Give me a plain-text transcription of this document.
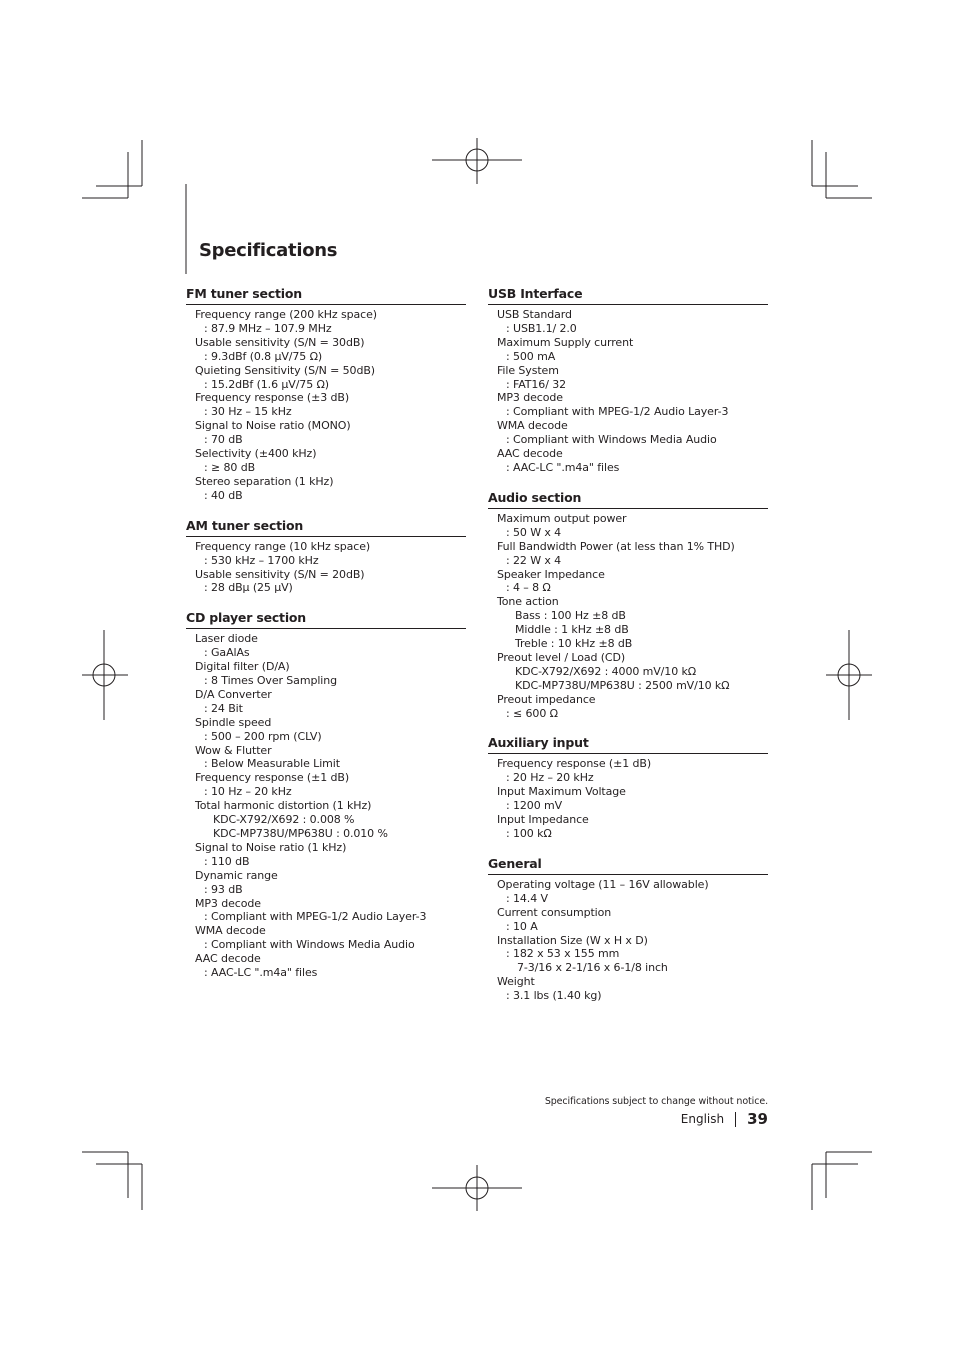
Specifications
FM tuner section
Frequency range (200 kHz space)
: 87.9 MHz – 107.9 MHz
Usable sensitivity (S/N = 30dB)
: 9.3dBf (0.8 μV/75 Ω)
Quieting Sensitivity (S/N = 50dB)
: 15.2dBf (1.6 μV/75 Ω)
Frequency response (±3 dB)
: 30 Hz – 15 kHz
Signal to Noise ratio (MONO)
: 70 dB
Selectivity (±400 kHz)
: ≥ 80 dB
Stereo separation (1 kHz)
: 40 dB
AM tuner section
Frequency range (10 kHz space)
: 530 kHz – 1700 kHz
Usable sensitivity (S/N = 20dB)
: 28 dBμ (25 μV)
CD player section
Laser diode
: GaAlAs
Digital filter (D/A)
: 8 Times Over Sampling
D/A Converter
: 24 Bit
Spindle speed
: 500 – 200 rpm (CLV)
Wow & Flutter
: Below Measurable Limit
Frequency response (±1 dB)
: 10 Hz – 20 kHz
Total harmonic distortion (1 kHz)
KDC-X792/X692 : 0.008 %
KDC-MP738U/MP638U : 0.010 %
Signal to Noise ratio (1 kHz)
: 110 dB
Dynamic range
: 93 dB
MP3 decode
: Compliant with MPEG-1/2 Audio Layer-3
WMA decode
: Compliant with Windows Media Audio
AAC decode
: AAC-LC ".m4a" files
USB Interface
USB Standard
: USB1.1/ 2.0
Maximum Supply current
: 500 mA
File System
: FAT16/ 32
MP3 decode
: Compliant with MPEG-1/2 Audio Layer-3
WMA decode
: Compliant with Windows Media Audio
AAC decode
: AAC-LC ".m4a" files
Audio section
Maximum output power
: 50 W x 4
Full Bandwidth Power (at less than 1% THD)
: 22 W x 4
Speaker Impedance
: 4 – 8 Ω
Tone action
Bass : 100 Hz ±8 dB
Middle : 1 kHz ±8 dB
Treble : 10 kHz ±8 dB
Preout level / Load (CD)
KDC-X792/X692 : 4000 mV/10 kΩ
KDC-MP738U/MP638U : 2500 mV/10 kΩ
Preout impedance
: ≤ 600 Ω
Auxiliary input
Frequency response (±1 dB)
: 20 Hz – 20 kHz
Input Maximum Voltage
: 1200 mV
Input Impedance
: 100 kΩ
General
Operating voltage (11 – 16V allowable)
: 14.4 V
Current consumption
: 10 A
Installation Size (W x H x D)
: 182 x 53 x 155 mm
7-3/16 x 2-1/16 x 6-1/8 inch
Weight
: 3.1 lbs (1.40 kg)
Specifications subject to change without notice.
English 39
